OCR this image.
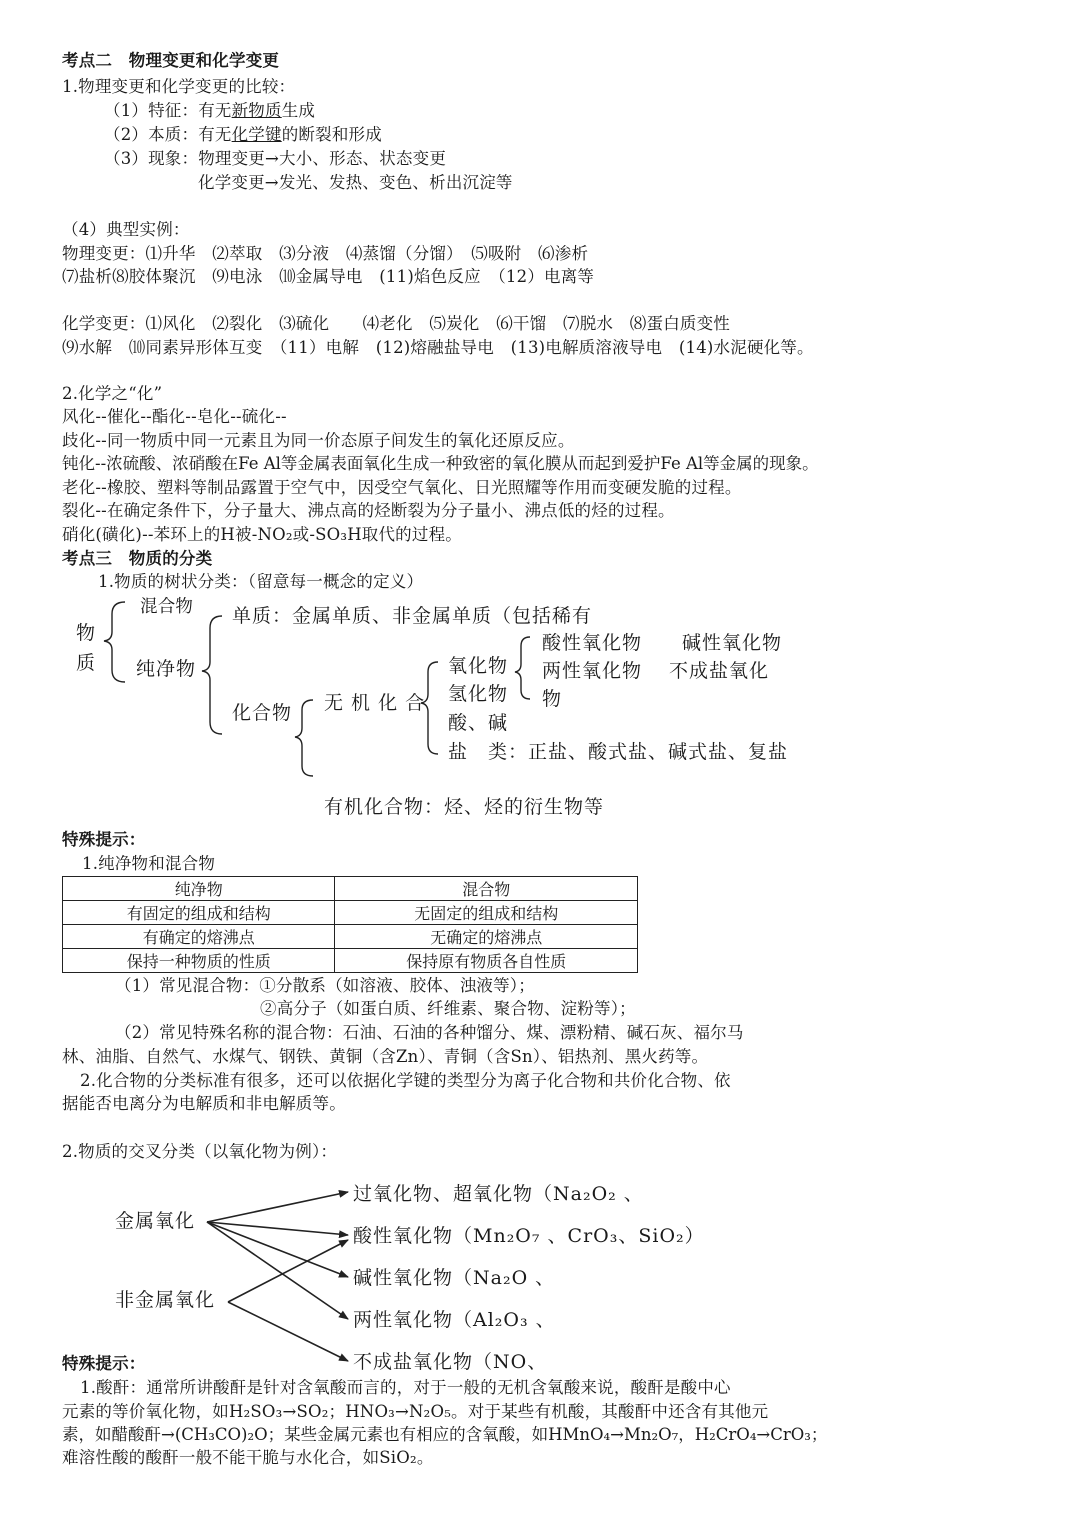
考点二　物理变更和化学变更
1.物理变更和化学变更的比较：
（1）特征：有无新物质生成
（2）本质：有无化学键的断裂和形成
（3）现象：物理变更→大小、形态、状态变更
化学变更→发光、发热、变色、析出沉淀等
（4）典型实例：
物理变更：⑴升华　⑵萃取　⑶分液　⑷蒸馏（分馏）　⑸吸附　⑹渗析
⑺盐析⑻胶体聚沉　⑼电泳　⑽金属导电　(11)焰色反应　（12）电离等
化学变更：⑴风化　⑵裂化　⑶硫化　　⑷老化　⑸炭化　⑹干馏　⑺脱水　⑻蛋白质变性
⑼水解　⑽同素异形体互变　（11）电解　(12)熔融盐导电　(13)电解质溶液导电　(14)水泥硬化等。
2.化学之“化”
风化--催化--酯化--皂化--硫化--
歧化--同一物质中同一元素且为同一价态原子间发生的氧化还原反应。
钝化--浓硫酸、浓硝酸在Fe Al等金属表面氧化生成一种致密的氧化膜从而起到爱护Fe Al等金属的现象。
老化--橡胶、塑料等制品露置于空气中，因受空气氧化、日光照耀等作用而变硬发脆的过程。
裂化--在确定条件下，分子量大、沸点高的烃断裂为分子量小、沸点低的烃的过程。
硝化(磺化)--苯环上的H被-NO₂或-SO₃H取代的过程。
考点三　物质的分类
1.物质的树状分类：（留意每一概念的定义）
物
质
混合物
纯净物
单质：金属单质、非金属单质（包括稀有
化合物 无 机 化 合
氧化物
氢化物
酸、碱
盐　类：正盐、酸式盐、碱式盐、复盐
酸性氧化物　　碱性氧化物
两性氧化物　 不成盐氧化
物
有机化合物：烃、烃的衍生物等
特殊提示：
1.纯净物和混合物
纯净物	混合物
有固定的组成和结构	无固定的组成和结构
有确定的熔沸点	无确定的熔沸点
保持一种物质的性质	保持原有物质各自性质
（1）常见混合物：①分散系（如溶液、胶体、浊液等）；
②高分子（如蛋白质、纤维素、聚合物、淀粉等）；
（2）常见特殊名称的混合物：石油、石油的各种馏分、煤、漂粉精、碱石灰、福尔马
林、油脂、自然气、水煤气、钢铁、黄铜（含Zn）、青铜（含Sn）、铝热剂、黑火药等。
2.化合物的分类标准有很多，还可以依据化学键的类型分为离子化合物和共价化合物、依
据能否电离分为电解质和非电解质等。
2.物质的交叉分类（以氧化物为例）：
金属氧化
非金属氧化
过氧化物、超氧化物（Na₂O₂ 、
酸性氧化物（Mn₂O₇ 、CrO₃、SiO₂）
碱性氧化物（Na₂O 、
两性氧化物（Al₂O₃ 、
不成盐氧化物（NO、
特殊提示：
1.酸酐：通常所讲酸酐是针对含氧酸而言的，对于一般的无机含氧酸来说，酸酐是酸中心
元素的等价氧化物，如H₂SO₃→SO₂；HNO₃→N₂O₅。对于某些有机酸，其酸酐中还含有其他元
素，如醋酸酐→(CH₃CO)₂O；某些金属元素也有相应的含氧酸，如HMnO₄→Mn₂O₇，H₂CrO₄→CrO₃；
难溶性酸的酸酐一般不能干脆与水化合，如SiO₂。
